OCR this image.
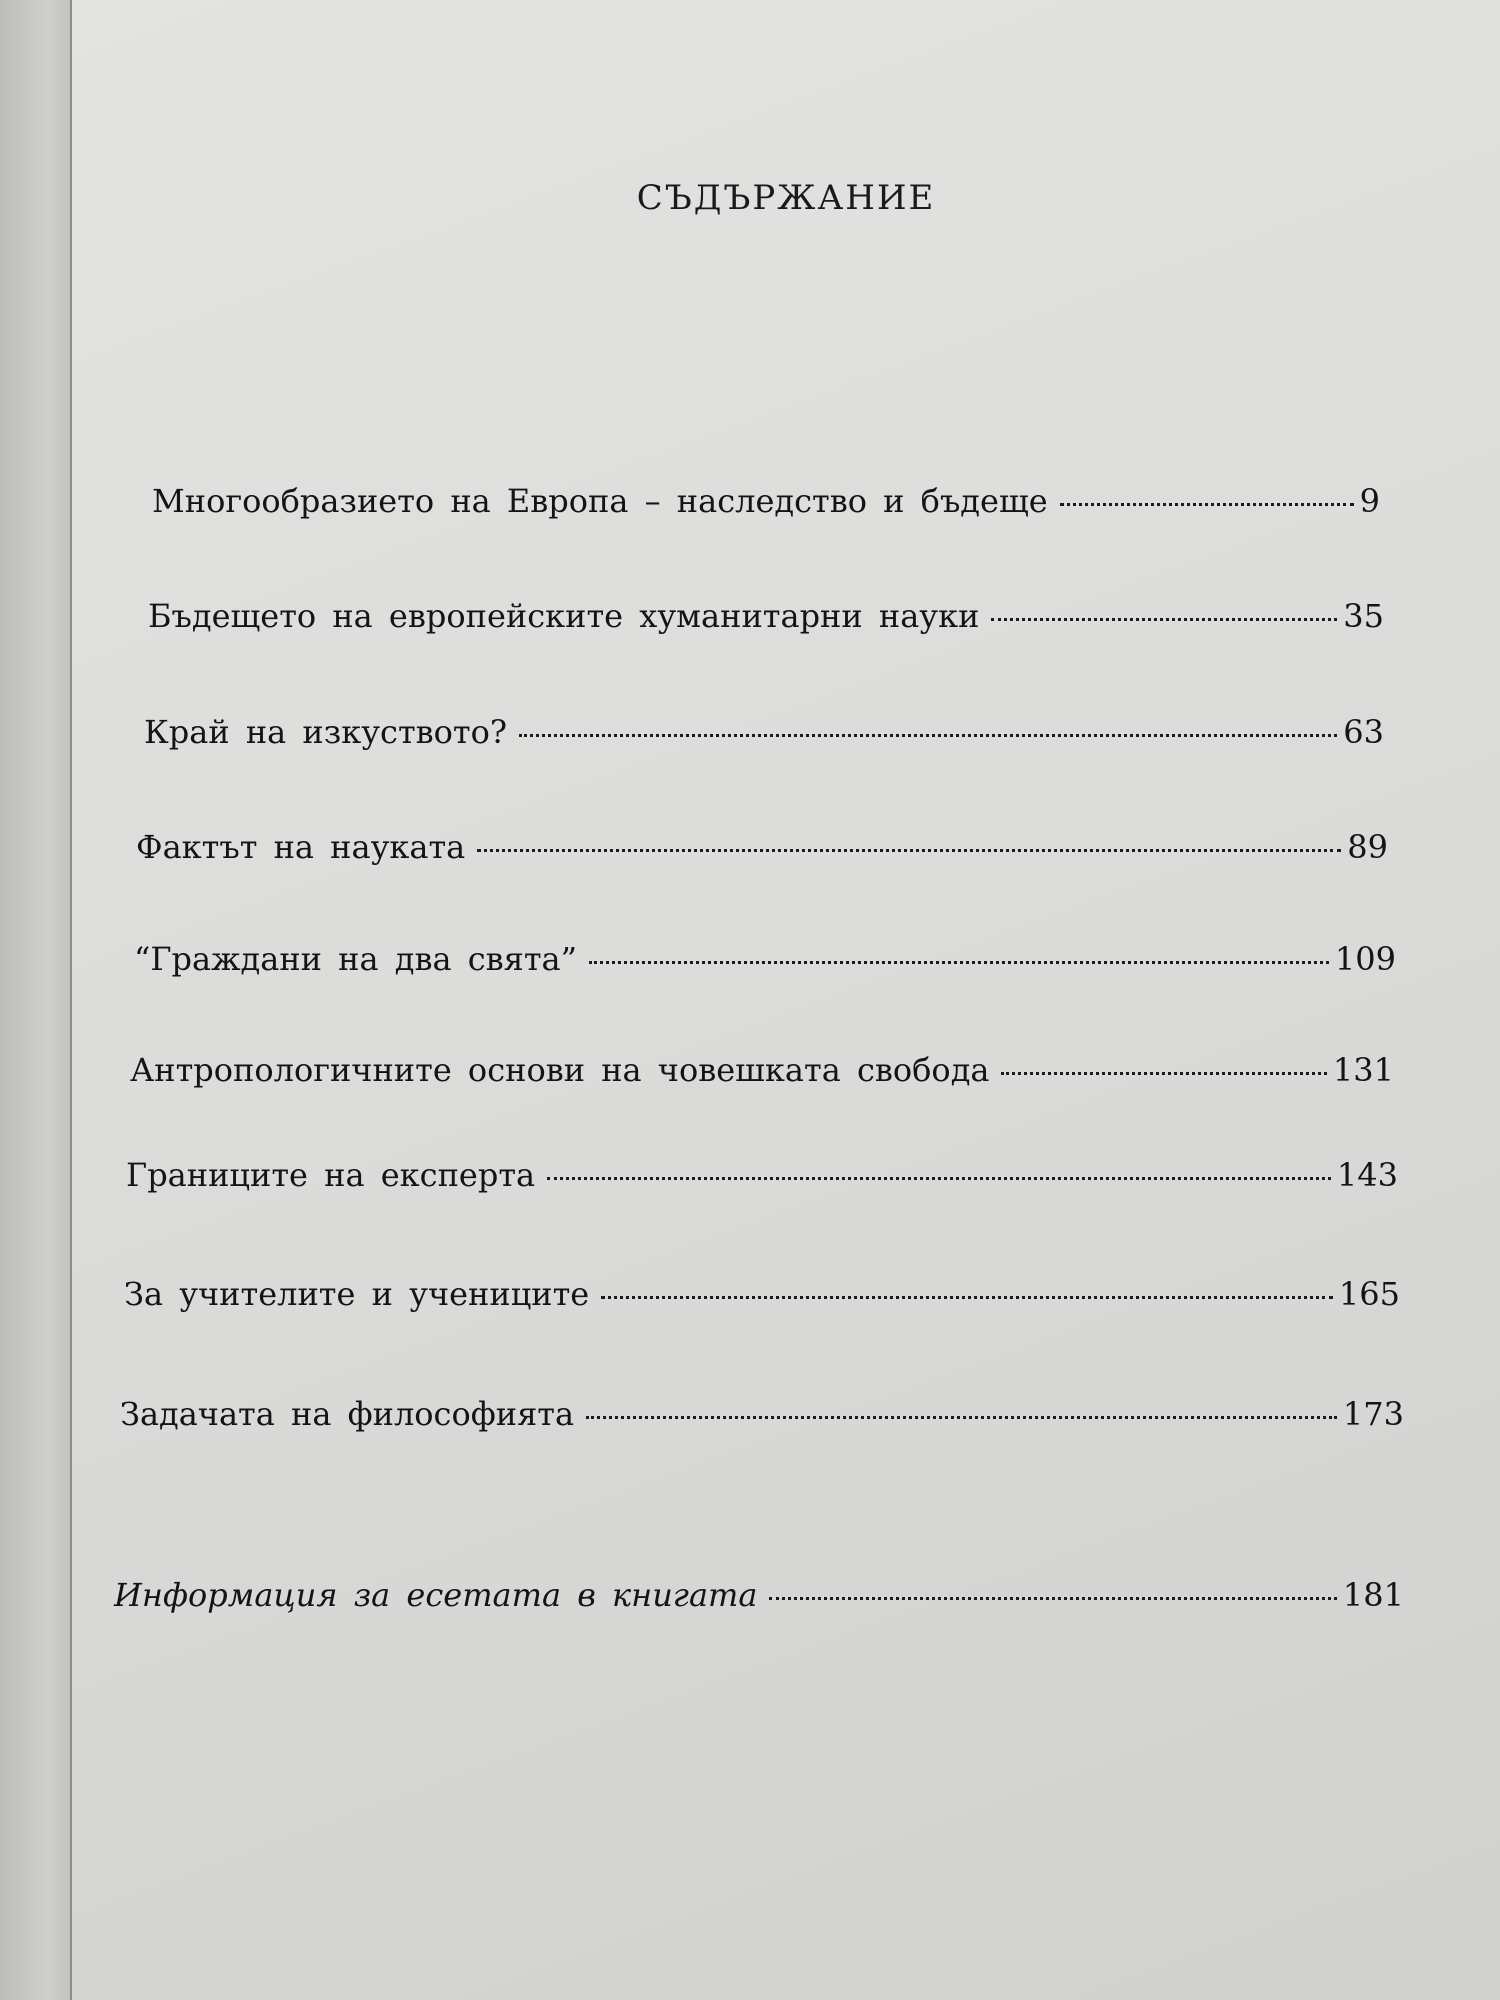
СЪДЪРЖАНИЕ
Многообразието на Европа – наследство и бъдеще	9
Бъдещето на европейските хуманитарни науки	35
Край на изкуството?	63
Фактът на науката	89
“Граждани на два свята”	109
Антропологичните основи на човешката свобода	131
Границите на експерта	143
За учителите и учениците	165
Задачата на философията	173
Информация за есетата в книгата	181
